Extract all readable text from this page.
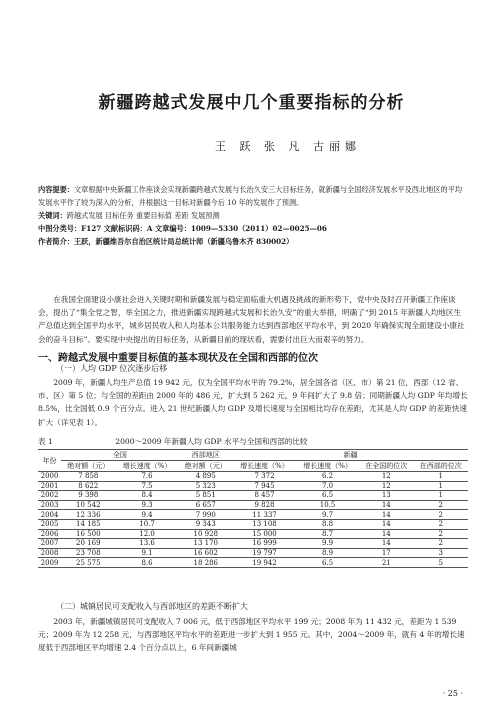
新疆跨越式发展中几个重要指标的分析
王 跃 张 凡 古丽娜
内容提要：文章根据中央新疆工作座谈会实现新疆跨越式发展与长治久安三大目标任务，就新疆与全国经济发展水平及西北地区的平均发展水平作了较为深入的分析，并根据这一目标对新疆今后 10 年的发展作了预测。
关键词：跨越式发展 目标任务 重要目标值 差距 发展预测
中图分类号：F127 文献标识码：A 文章编号：1009—5330（2011）02—0025—06
作者简介：王跃，新疆维吾尔自治区统计局总统计师（新疆乌鲁木齐 830002）
在我国全面建设小康社会进入关键时期和新疆发展与稳定面临重大机遇及挑战的新形势下，党中央及时召开新疆工作座谈会，提出了“集全党之智，举全国之力，推进新疆实现跨越式发展和长治久安”的重大举措，明确了“到 2015 年新疆人均地区生产总值达到全国平均水平，城乡居民收入和人均基本公共服务能力达到西部地区平均水平，到 2020 年确保实现全面建设小康社会的奋斗目标”。要实现中央提出的目标任务，从新疆目前的现状看，需要付出巨大而艰辛的努力。
一、跨越式发展中重要目标值的基本现状及在全国和西部的位次
（一）人均 GDP 位次逐步后移
2009 年，新疆人均生产总值 19 942 元，仅为全国平均水平的 79.2%，居全国各省（区、市）第 21 位，西部（12 省、市、区）第 5 位；与全国的差距由 2000 年的 486 元，扩大到 5 262 元，9 年间扩大了 9.8 倍；同期新疆人均 GDP 年均增长 8.5%，比全国低 0.9 个百分点。进入 21 世纪新疆人均 GDP 及增长速度与全国相比均存在差距，尤其是人均 GDP 的差距快速扩大（详见表 1）。
表 1	2000～2009 年新疆人均 GDP 水平与全国和西部的比较
年份	全国		西部地区	新疆			
	绝对额（元）	增长速度（%）	绝对额（元）	增长速度（%）	增长速度（%）	在全国的位次	在西部的位次
2000	7 858	7.6	4 895	7 372	6.2	12	1
2001	8 622	7.5	5 323	7 945	7.0	12	1
2002	9 398	8.4	5 851	8 457	6.5	13	1
2003	10 542	9.3	6 657	9 828	10.5	14	2
2004	12 336	9.4	7 990	11 337	9.7	14	2
2005	14 185	10.7	9 343	13 108	8.8	14	2
2006	16 500	12.0	10 928	15 000	8.7	14	2
2007	20 169	13.6	13 170	16 999	9.9	14	2
2008	23 708	9.1	16 602	19 797	8.9	17	3
2009	25 575	8.6	18 286	19 942	6.5	21	5
（二）城镇居民可支配收入与西部地区的差距不断扩大
2003 年，新疆城镇居民可支配收入 7 006 元，低于西部地区平均水平 199 元；2008 年为 11 432 元，差距为 1 539 元；2009 年为 12 258 元，与西部地区平均水平的差距进一步扩大到 1 955 元。其中，2004～2009 年，就有 4 年的增长速度低于西部地区平均增速 2.4 个百分点以上，6 年间新疆城
· 25 ·
